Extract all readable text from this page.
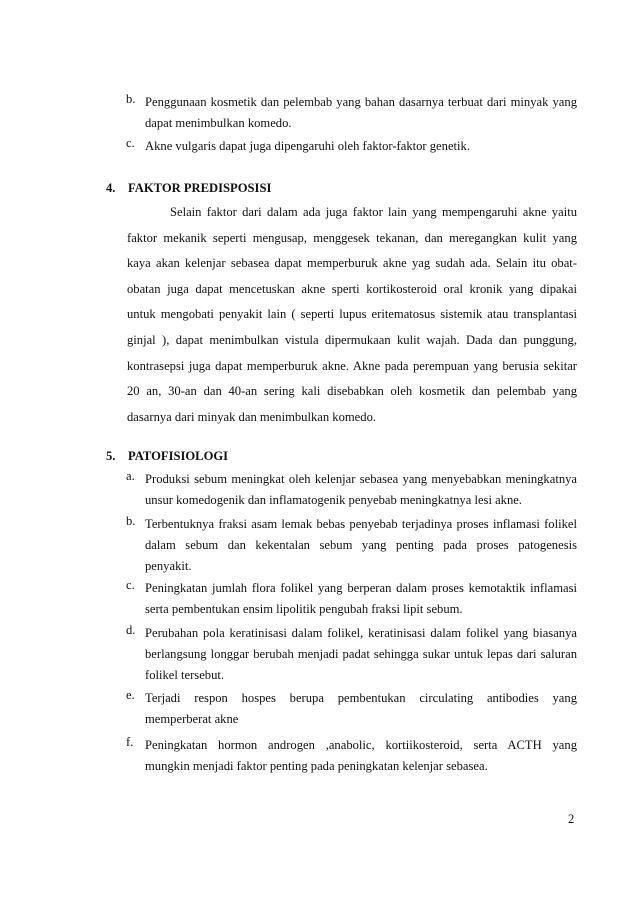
b. Penggunaan kosmetik dan pelembab yang bahan dasarnya terbuat dari minyak yang
dapat menimbulkan komedo.
c. Akne vulgaris dapat juga dipengaruhi oleh faktor-faktor genetik.
4. FAKTOR PREDISPOSISI
Selain faktor dari dalam ada juga faktor lain yang mempengaruhi akne yaitu
faktor mekanik seperti mengusap, menggesek tekanan, dan meregangkan kulit yang
kaya akan kelenjar sebasea dapat memperburuk akne yag sudah ada. Selain itu obat-
obatan juga dapat mencetuskan akne sperti kortikosteroid oral kronik yang dipakai
untuk mengobati penyakit lain ( seperti lupus eritematosus sistemik atau transplantasi
ginjal ), dapat menimbulkan vistula dipermukaan kulit wajah. Dada dan punggung,
kontrasepsi juga dapat memperburuk akne. Akne pada perempuan yang berusia sekitar
20 an, 30-an dan 40-an sering kali disebabkan oleh kosmetik dan pelembab yang
dasarnya dari minyak dan menimbulkan komedo.
5. PATOFISIOLOGI
a. Produksi sebum meningkat oleh kelenjar sebasea yang menyebabkan meningkatnya
unsur komedogenik dan inflamatogenik penyebab meningkatnya lesi akne.
b. Terbentuknya fraksi asam lemak bebas penyebab terjadinya proses inflamasi folikel
dalam sebum dan kekentalan sebum yang penting pada proses patogenesis
penyakit.
c. Peningkatan jumlah flora folikel yang berperan dalam proses kemotaktik inflamasi
serta pembentukan ensim lipolitik pengubah fraksi lipit sebum.
d. Perubahan pola keratinisasi dalam folikel, keratinisasi dalam folikel yang biasanya
berlangsung longgar berubah menjadi padat sehingga sukar untuk lepas dari saluran
folikel tersebut.
e. Terjadi respon hospes berupa pembentukan circulating antibodies yang
memperberat akne
f. Peningkatan hormon androgen ,anabolic, kortiikosteroid, serta ACTH yang
mungkin menjadi faktor penting pada peningkatan kelenjar sebasea.
2
